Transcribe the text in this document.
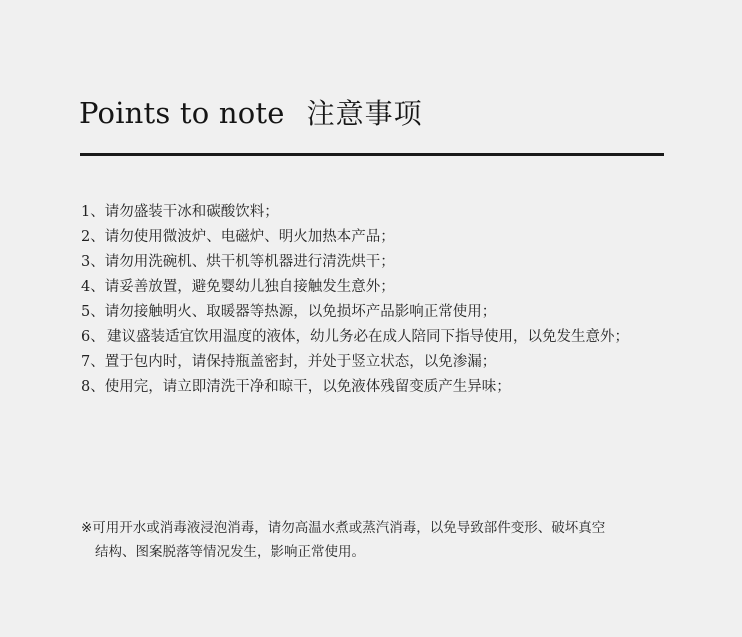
Points to note 注意事项
1、 请勿盛装干冰和碳酸饮料；
2、 请勿使用微波炉、电磁炉、明火加热本产品；
3、 请勿用洗碗机、烘干机等机器进行清洗烘干；
4、 请妥善放置，避免婴幼儿独自接触发生意外；
5、 请勿接触明火、取暖器等热源，以免损坏产品影响正常使用；
6、 建议盛装适宜饮用温度的液体，幼儿务必在成人陪同下指导使用，以免发生意外；
7、 置于包内时，请保持瓶盖密封，并处于竖立状态，以免渗漏；
8、 使用完，请立即清洗干净和晾干，以免液体残留变质产生异味；
※可用开水或消毒液浸泡消毒，请勿高温水煮或蒸汽消毒，以免导致部件变形、破坏真空
结构、图案脱落等情况发生，影响正常使用。
